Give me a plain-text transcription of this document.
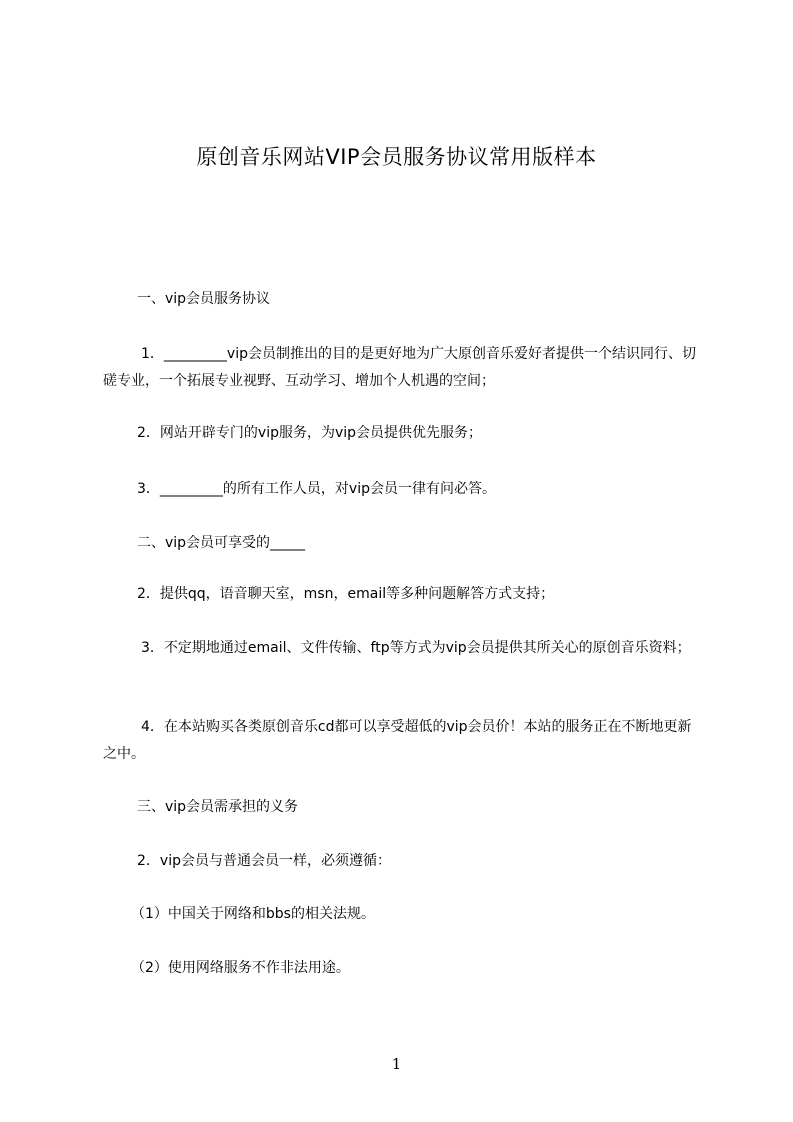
原创音乐网站VIP会员服务协议常用版样本
一、vip会员服务协议
1．_________vip会员制推出的目的是更好地为广大原创音乐爱好者提供一个结识同行、切磋专业，一个拓展专业视野、互动学习、增加个人机遇的空间；
2．网站开辟专门的vip服务，为vip会员提供优先服务；
3．_________的所有工作人员，对vip会员一律有问必答。
二、vip会员可享受的_____
2．提供qq，语音聊天室，msn，email等多种问题解答方式支持；
3．不定期地通过email、文件传输、ftp等方式为vip会员提供其所关心的原创音乐资料；
4．在本站购买各类原创音乐cd都可以享受超低的vip会员价！本站的服务正在不断地更新之中。
三、vip会员需承担的义务
2．vip会员与普通会员一样，必须遵循：
（1）中国关于网络和bbs的相关法规。
（2）使用网络服务不作非法用途。
1
